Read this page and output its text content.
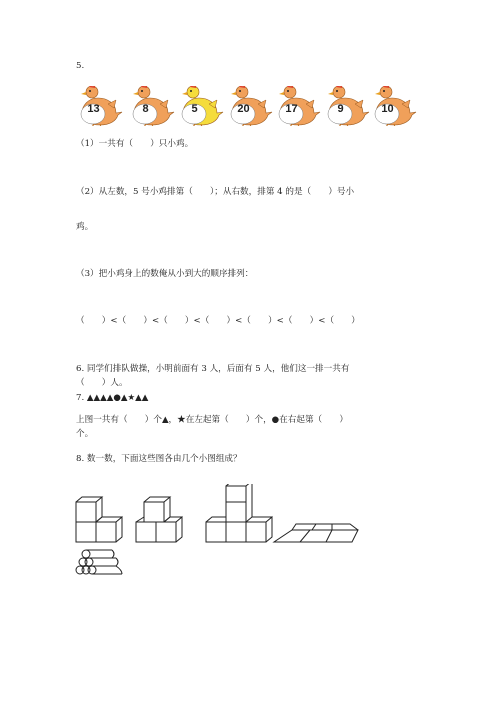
5.
13	8	5	20	17	9	10
（1）一共有（　　）只小鸡。
（2）从左数，5 号小鸡排第（　　）；从右数，排第 4 的是（　　）号小
鸡。
（3）把小鸡身上的数俺从小到大的顺序排列：
（　　）<（　　）<（　　）<（　　）<（　　）<（　　）<（　　）
6. 同学们排队做操，小明前面有 3 人，后面有 5 人，他们这一排一共有
（　　）人。
7. ▲▲▲▲●▲★▲▲
上图一共有（　　）个▲，★在左起第（　　）个，●在右起第（　　）
个。
8. 数一数，下面这些图各由几个小图组成？
